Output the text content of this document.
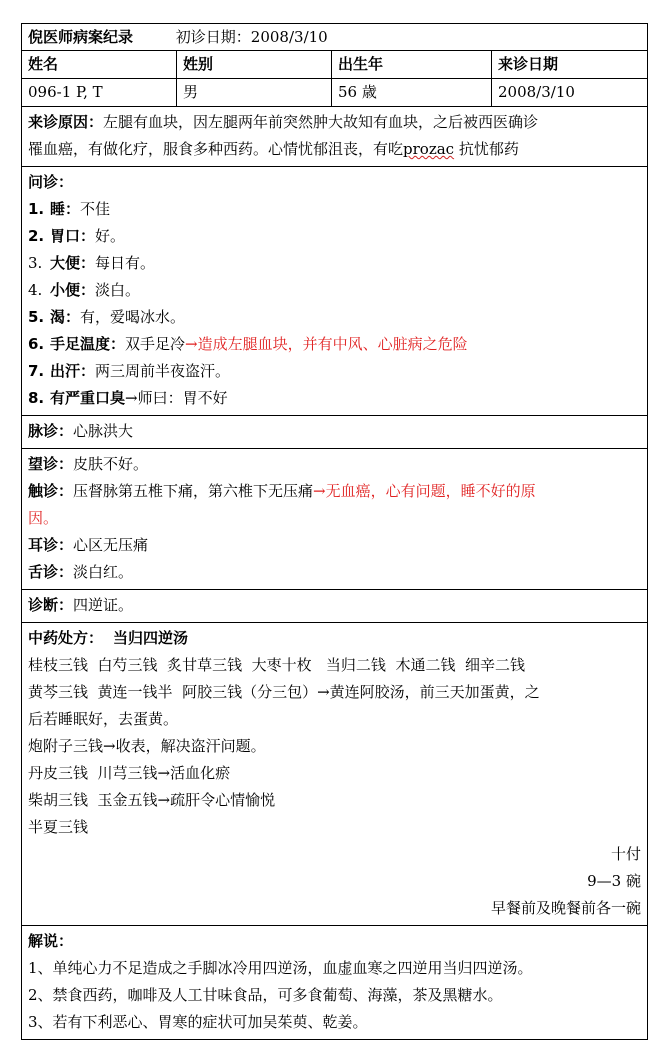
倪医师病案纪录	初诊日期：2008/3/10
姓名	姓别	出生年	来诊日期
096-1 P, T	男	56 歳	2008/3/10
来诊原因：左腿有血块，因左腿两年前突然肿大故知有血块，之后被西医确诊
罹血癌，有做化疗，服食多种西药。心情忧郁沮丧，有吃prozac 抗忧郁药
问诊：
1. 睡：不佳
2. 胃口：好。
3. 大便：每日有。
4. 小便：淡白。
5. 渴：有，爱喝冰水。
6. 手足温度：双手足冷→造成左腿血块，并有中风、心脏病之危险
7. 出汗：两三周前半夜盗汗。
8. 有严重口臭→师曰：胃不好
脉诊：心脉洪大
望诊：皮肤不好。
触诊：压督脉第五椎下痛，第六椎下无压痛→无血癌，心有问题，睡不好的原
因。
耳诊：心区无压痛
舌诊：淡白红。
诊断：四逆证。
中药处方： 当归四逆汤
桂枝三钱  白芍三钱  炙甘草三钱  大枣十枚   当归二钱  木通二钱  细辛二钱
黄芩三钱  黄连一钱半  阿胶三钱（分三包）→黄连阿胶汤，前三天加蛋黄，之
后若睡眠好，去蛋黄。
炮附子三钱→收表，解决盗汗问题。
丹皮三钱  川芎三钱→活血化瘀
柴胡三钱  玉金五钱→疏肝令心情愉悦
半夏三钱
十付
9—3 碗
早餐前及晚餐前各一碗
解说：
1、单纯心力不足造成之手脚冰冷用四逆汤，血虚血寒之四逆用当归四逆汤。
2、禁食西药，咖啡及人工甘味食品，可多食葡萄、海藻，茶及黑糖水。
3、若有下利恶心、胃寒的症状可加吴茱萸、乾姜。
